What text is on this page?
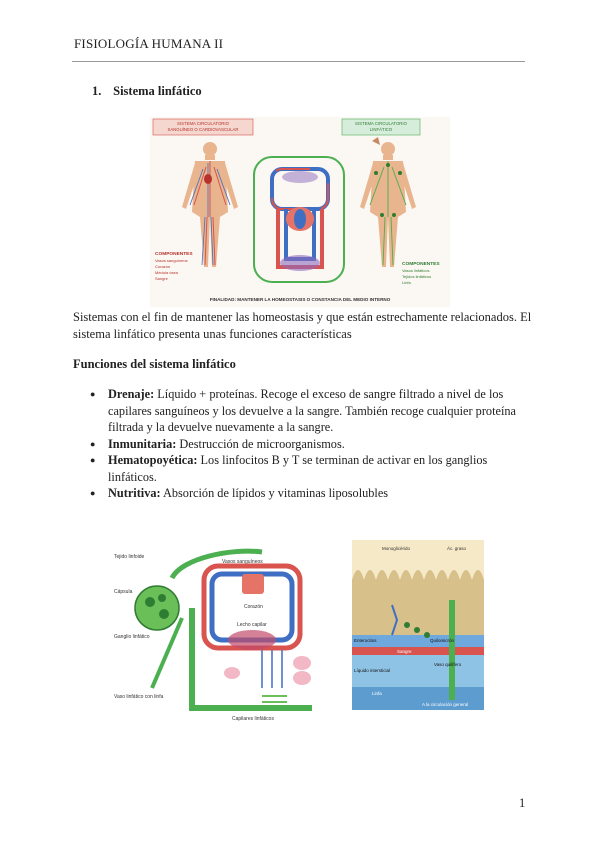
FISIOLOGÍA HUMANA II
1. Sistema linfático
SISTEMA CIRCULATORIO
SANGUÍNEO O CARDIOVASCULAR
SISTEMA CIRCULATORIO
LINFÁTICO
COMPONENTES
Vasos sanguíneos
Corazón
Médula ósea
Sangre
COMPONENTES
Vasos linfáticos
Tejidos linfáticos
Linfa
FINALIDAD: MANTENER LA HOMEOSTASIS O CONSTANCIA DEL MEDIO INTERNO
Sistemas con el fin de mantener las homeostasis y que están estrechamente relacionados. El sistema linfático presenta unas funciones características
Funciones del sistema linfático
● Drenaje: Líquido + proteínas. Recoge el exceso de sangre filtrado a nivel de los capilares sanguíneos y los devuelve a la sangre. También recoge cualquier proteína filtrada y la devuelve nuevamente a la sangre.
● Inmunitaria: Destrucción de microorganismos.
● Hematopoyética: Los linfocitos B y T se terminan de activar en los ganglios linfáticos.
● Nutritiva: Absorción de lípidos y vitaminas liposolubles
Tejido linfoide
Cápsula
Ganglio linfático
Vasos sanguíneos
Corazón
Lecho capilar
Capilares linfáticos
Vaso linfático con linfa
Monoglicérido	Ác. graso
Enterocitos	Quilomicrón
Sangre
Líquido intersticial
Vaso quilífero
Linfa
A la circulación general
1
